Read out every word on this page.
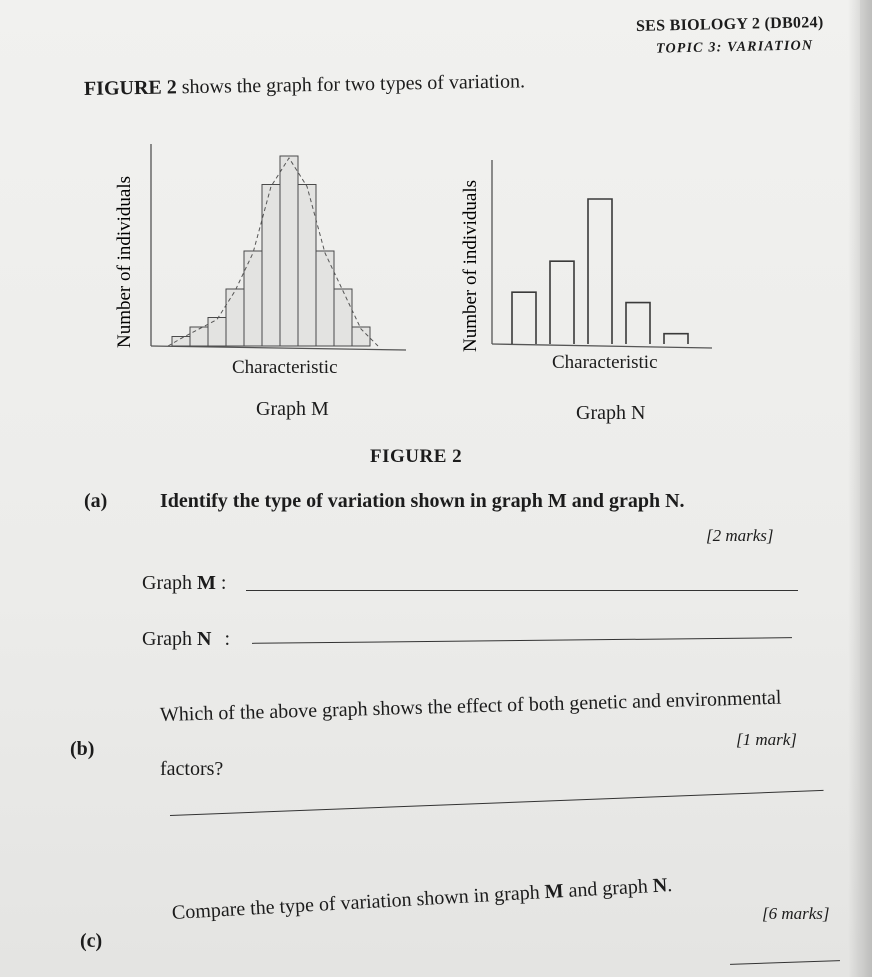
SES BIOLOGY 2 (DB024)
TOPIC 3: VARIATION
FIGURE 2 shows the graph for two types of variation.
Number of individuals
Characteristic
Graph M
Number of individuals
Characteristic
Graph N
FIGURE 2
(a)	Identify the type of variation shown in graph M and graph N.
[2 marks]
Graph M :
Graph N :
(b)
Which of the above graph shows the effect of both genetic and environmental
[1 mark]
factors?
(c)
Compare the type of variation shown in graph M and graph N.
[6 marks]
